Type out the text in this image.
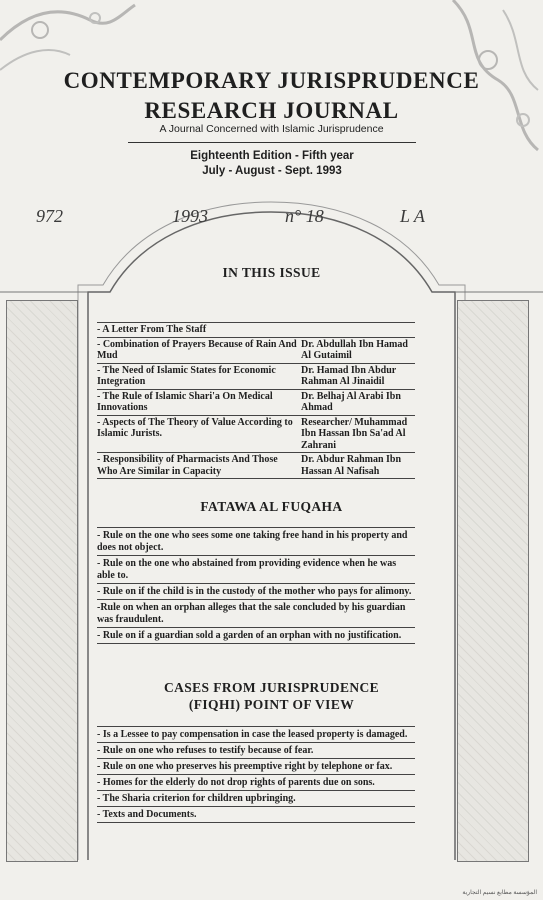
CONTEMPORARY JURISPRUDENCE
RESEARCH JOURNAL
A Journal Concerned with Islamic Jurisprudence
Eighteenth Edition - Fifth year
July - August - Sept. 1993
972	1993	n° 18	L A
IN THIS ISSUE
- A Letter From The Staff	
- Combination of Prayers Because of Rain And Mud	Dr. Abdullah Ibn Hamad Al Gutaimil
- The Need of Islamic States for Economic Integration	Dr. Hamad Ibn Abdur Rahman Al Jinaidil
- The Rule of Islamic Shari'a On Medical Innovations	Dr. Belhaj Al Arabi Ibn Ahmad
- Aspects of The Theory of Value According to Islamic Jurists.	Researcher/ Muhammad Ibn Hassan Ibn Sa'ad Al Zahrani
- Responsibility of Pharmacists And Those Who Are Similar in Capacity	Dr. Abdur Rahman Ibn Hassan Al Nafisah
FATAWA AL FUQAHA
- Rule on the one who sees some one taking free hand in his property and does not object.
- Rule on the one who abstained from providing evidence when he was able to.
- Rule on if the child is in the custody of the mother who pays for alimony.
-Rule on when an orphan alleges that the sale concluded by his guardian was fraudulent.
- Rule on if a guardian sold a garden of an orphan with no justification.
CASES FROM JURISPRUDENCE
(FIQHI) POINT OF VIEW
- Is a Lessee to pay compensation in case the leased property is damaged.
- Rule on one who refuses to testify because of fear.
- Rule on one who preserves his preemptive right by telephone or fax.
- Homes for the elderly do not drop rights of parents due on sons.
- The Sharia criterion for children upbringing.
- Texts and Documents.
المؤسسة مطابع نسيم التجارية
